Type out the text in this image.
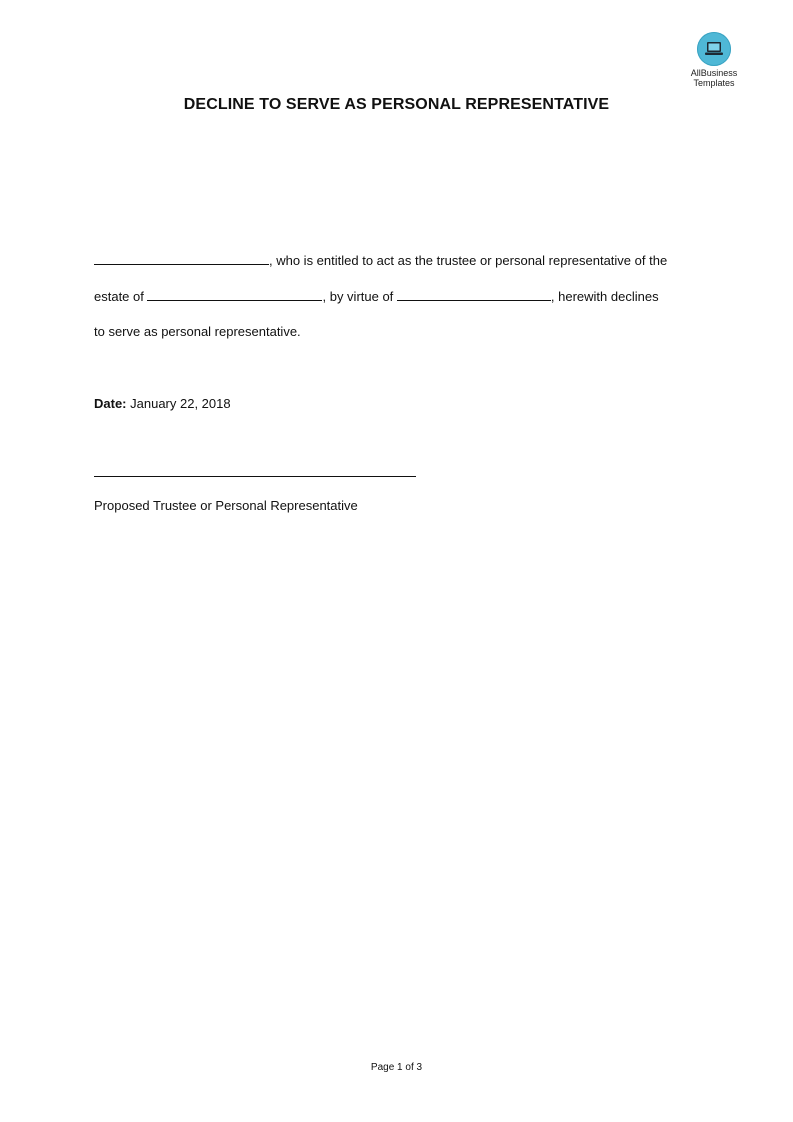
AllBusiness
Templates
DECLINE TO SERVE AS PERSONAL REPRESENTATIVE
, who is entitled to act as the trustee or personal representative of the
estate of	, by virtue of	, herewith declines
to serve as personal representative.
Date: January 22, 2018
Proposed Trustee or Personal Representative
Page 1 of 3
